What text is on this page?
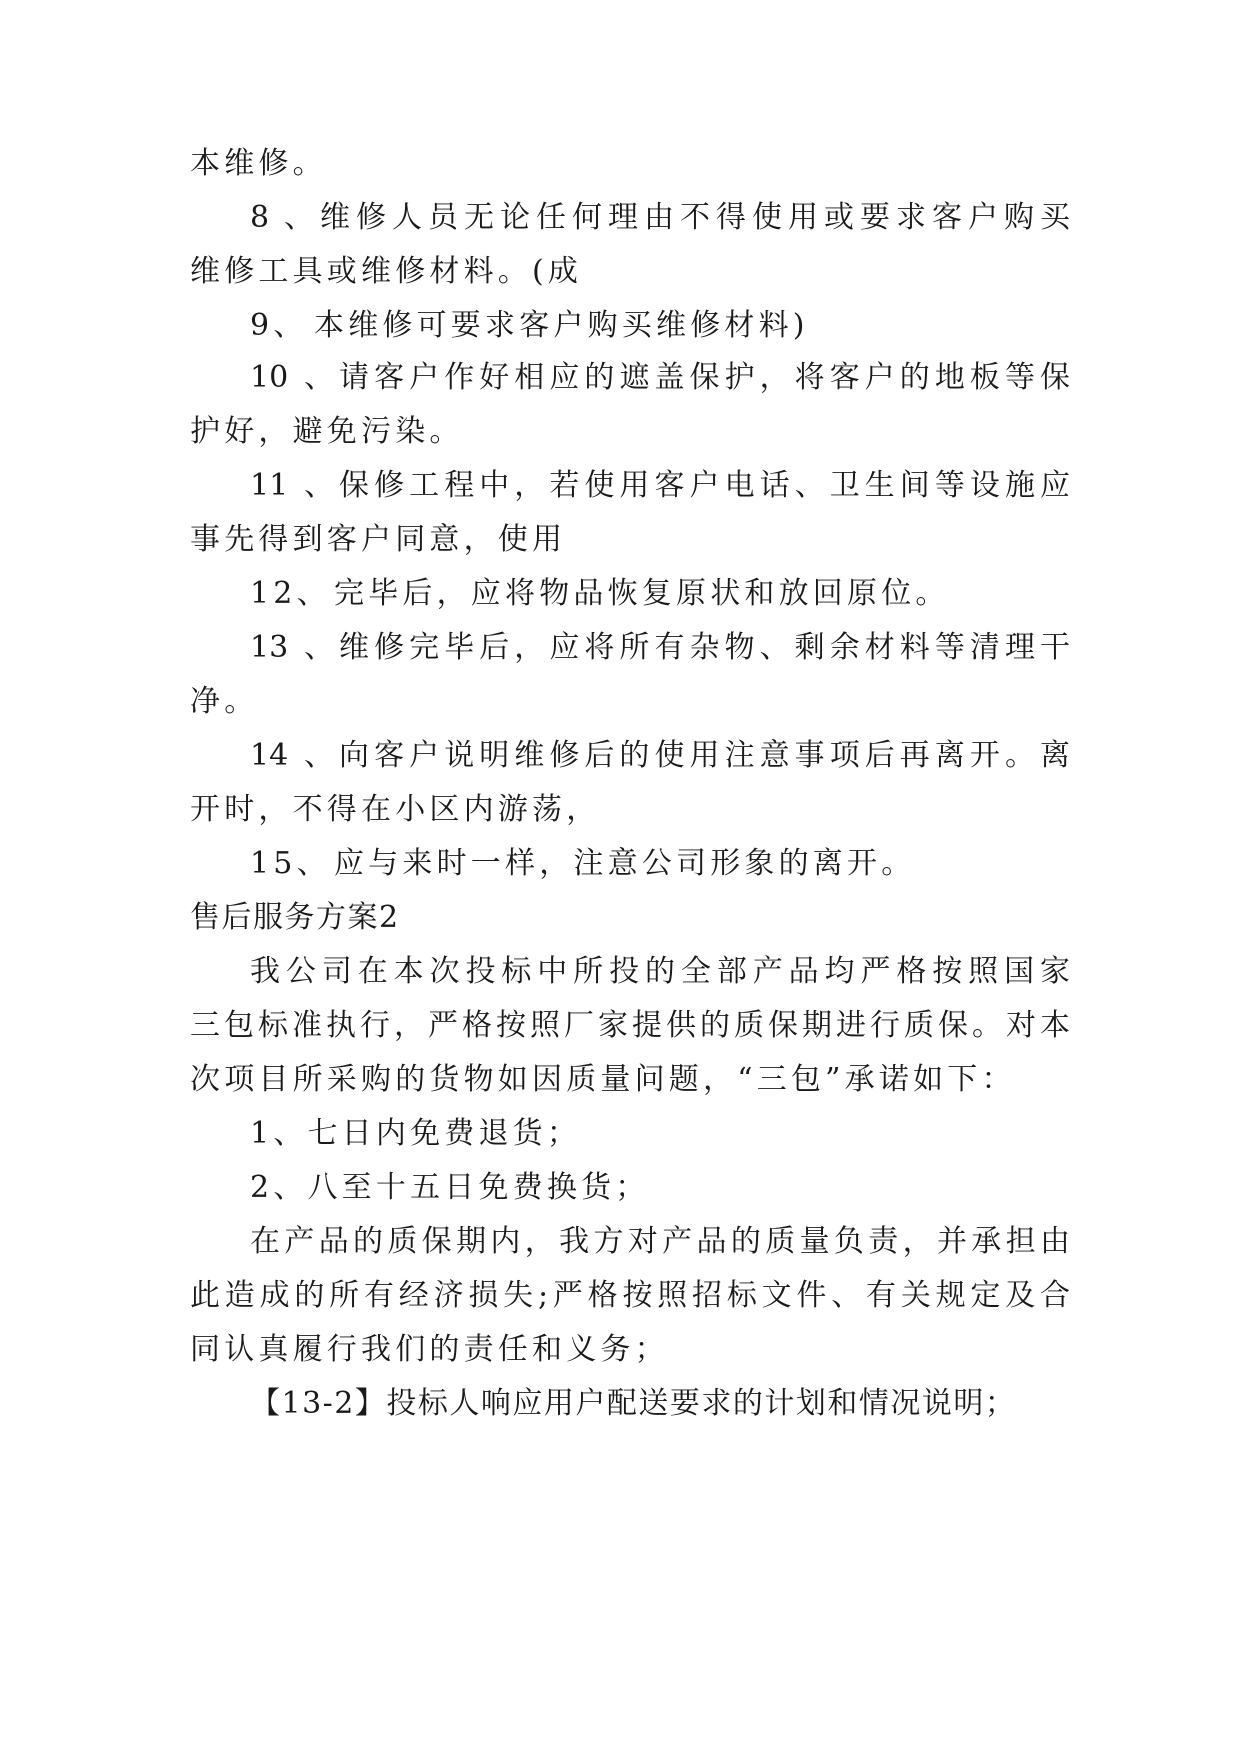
本维修。
8、维修人员无论任何理由不得使用或要求客户购买
维修工具或维修材料。(成
9、 本维修可要求客户购买维修材料)
10、请客户作好相应的遮盖保护，将客户的地板等保
护好，避免污染。
11、保修工程中，若使用客户电话、卫生间等设施应
事先得到客户同意，使用
12、 完毕后，应将物品恢复原状和放回原位。
13、维修完毕后，应将所有杂物、剩余材料等清理干
净。
14、向客户说明维修后的使用注意事项后再离开。离
开时，不得在小区内游荡，
15、 应与来时一样，注意公司形象的离开。
售后服务方案2
我公司在本次投标中所投的全部产品均严格按照国家
三包标准执行，严格按照厂家提供的质保期进行质保。对本
次项目所采购的货物如因质量问题，“三包”承诺如下：
1、七日内免费退货；
2、八至十五日免费换货；
在产品的质保期内，我方对产品的质量负责，并承担由
此造成的所有经济损失;严格按照招标文件、有关规定及合
同认真履行我们的责任和义务；
【13-2】投标人响应用户配送要求的计划和情况说明；
